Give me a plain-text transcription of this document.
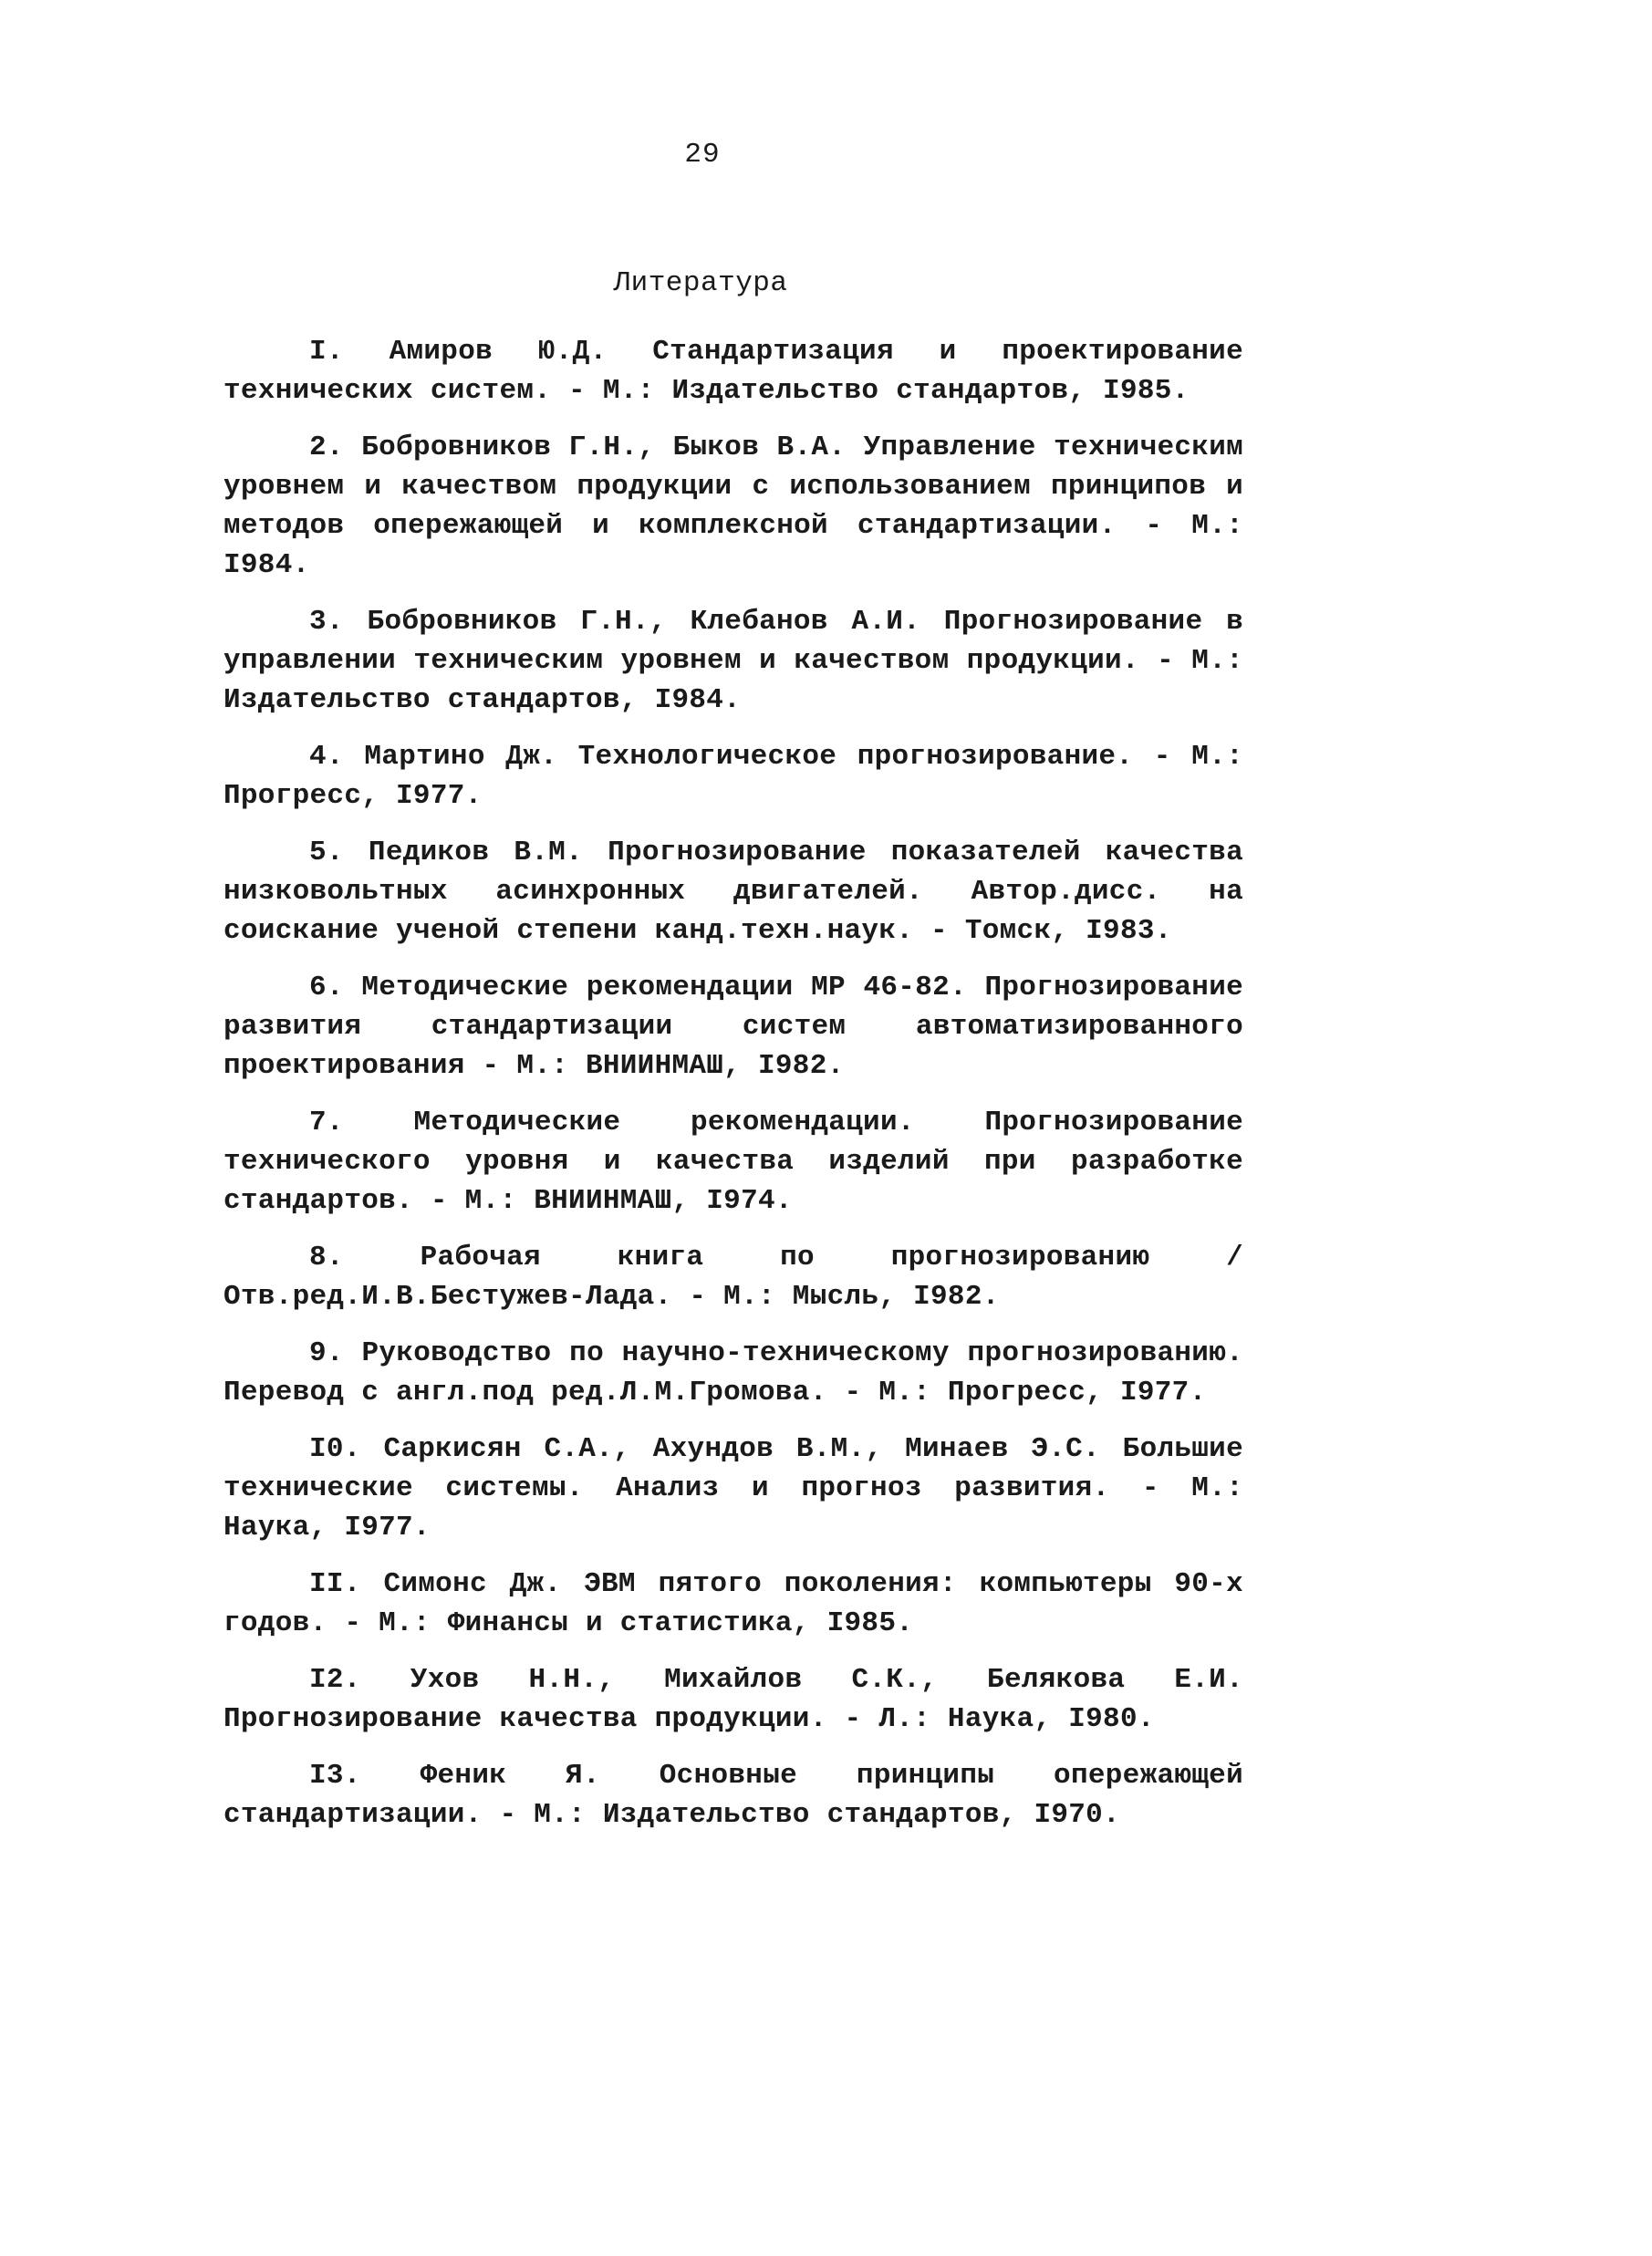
29
Литература

I. Амиров Ю.Д. Стандартизация и проектирование технических систем. - М.: Издательство стандартов, I985.

2. Бобровников Г.Н., Быков В.А. Управление техническим уровнем и качеством продукции с использованием принципов и методов опережающей и комплексной стандартизации. - М.: I984.

3. Бобровников Г.Н., Клебанов А.И. Прогнозирование в управлении техническим уровнем и качеством продукции. - М.: Издательство стандартов, I984.

4. Мартино Дж. Технологическое прогнозирование. - М.: Прогресс, I977.

5. Педиков В.М. Прогнозирование показателей качества низковольтных асинхронных двигателей. Автор.дисс. на соискание ученой степени канд.техн.наук. - Томск, I983.

6. Методические рекомендации МР 46-82. Прогнозирование развития стандартизации систем автоматизированного проектирования - М.: ВНИИНМАШ, I982.

7. Методические рекомендации. Прогнозирование технического уровня и качества изделий при разработке стандартов. - М.: ВНИИНМАШ, I974.

8. Рабочая книга по прогнозированию / Отв.ред.И.В.Бестужев-Лада. - М.: Мысль, I982.

9. Руководство по научно-техническому прогнозированию. Перевод с англ.под ред.Л.М.Громова. - М.: Прогресс, I977.

I0. Саркисян С.А., Ахундов В.М., Минаев Э.С. Большие технические системы. Анализ и прогноз развития. - М.: Наука, I977.

II. Симонс Дж. ЭВМ пятого поколения: компьютеры 90-х годов. - М.: Финансы и статистика, I985.

I2. Ухов Н.Н., Михайлов С.К., Белякова Е.И. Прогнозирование качества продукции. - Л.: Наука, I980.

I3. Феник Я. Основные принципы опережающей стандартизации. - М.: Издательство стандартов, I970.
